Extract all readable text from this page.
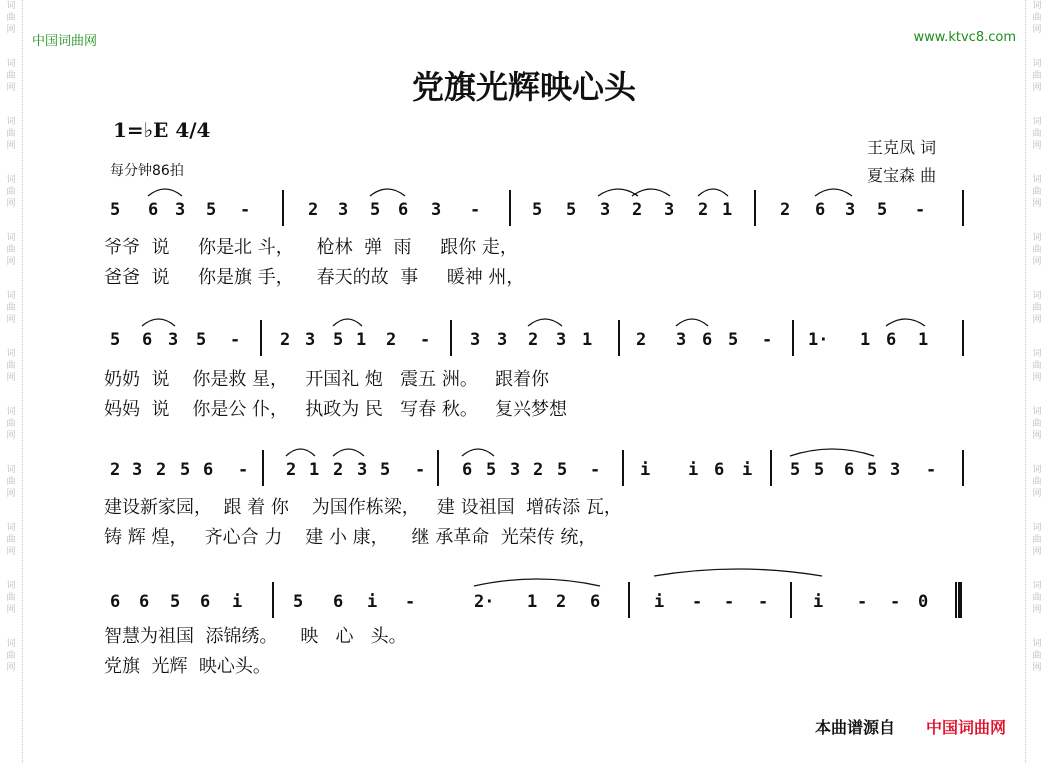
词
曲
网
词
曲
网
词
曲
网
词
曲
网
词
曲
网
词
曲
网
词
曲
网
词
曲
网
词
曲
网
词
曲
网
词
曲
网
词
曲
网
词
曲
网
词
曲
网
词
曲
网
词
曲
网
词
曲
网
词
曲
网
词
曲
网
词
曲
网
词
曲
网
词
曲
网
词
曲
网
词
曲
网
中国词曲网	www.ktvc8.com
党旗光辉映心头
1=♭E 4/4
每分钟86拍
王克凤 词
夏宝森 曲
5 6 3 5 -	2 3 5 6 3 -	5 5 3 2 3 2 1	2 6 3 5 -
爷爷  说     你是北 斗，    枪林  弹  雨     跟你 走，
爸爸  说     你是旗 手，    春天的故  事     暖神 州，
5 6 3 5 - 2 3 5 1 2 - 3 3 2 3 1	2 3 6 5 - 1· 1 6 1
奶奶  说    你是救 星，   开国礼 炮   震五 洲。   跟着你
妈妈  说    你是公 仆，   执政为 民   写春 秋。   复兴梦想
2 3 2 5 6 - 2 1 2 3 5 - 6 5 3 2 5 - i i 6 i 5 5 6 5 3 -
建设新家园，  跟 着 你    为国作栋梁，   建 设祖国  增砖添 瓦，
铸 辉 煌，   齐心合 力    建 小 康，    继 承革命  光荣传 统，
6 6 5 6 i	5 6 i -	2· 1 2 6	i - - -	i - - 0
智慧为祖国  添锦绣。    映   心   头。
党旗  光辉  映心头。
本曲谱源自 中国词曲网
